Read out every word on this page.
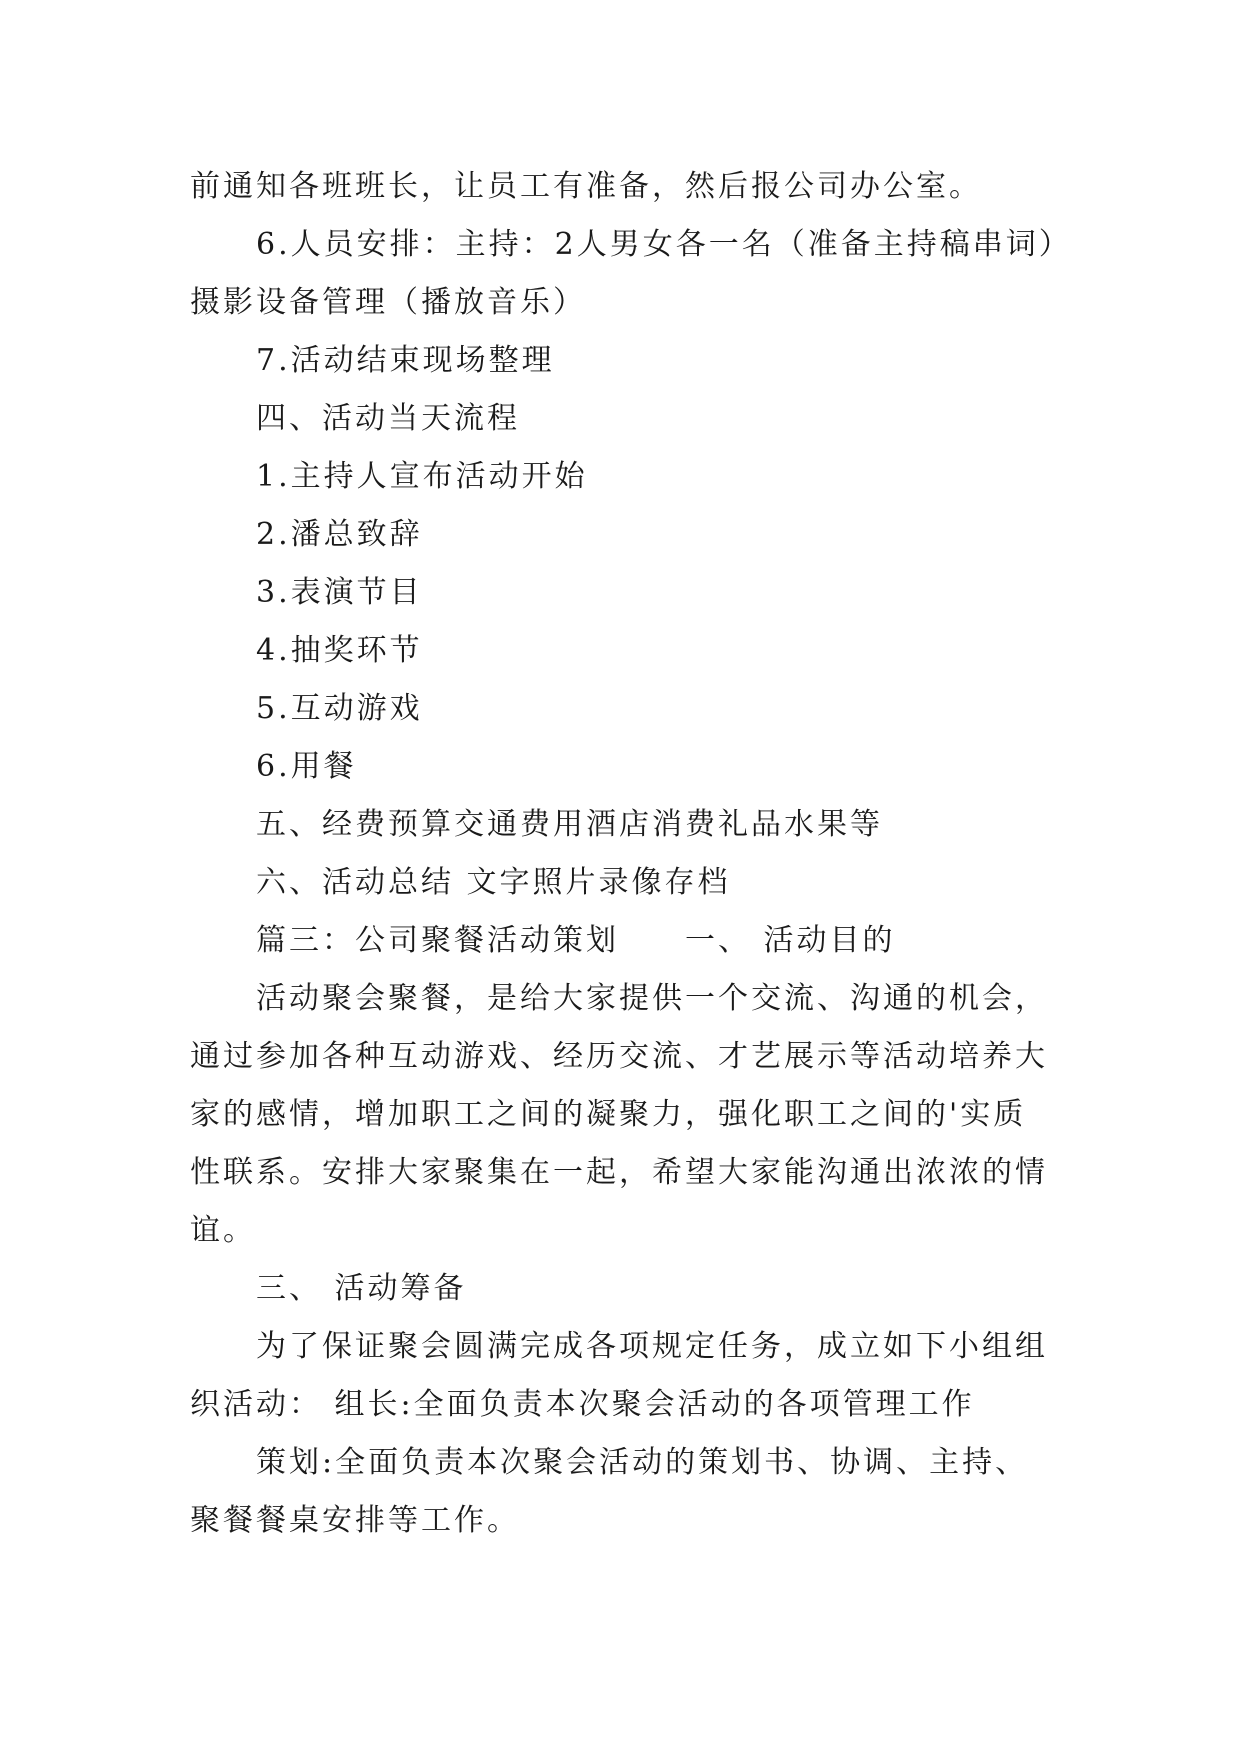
前通知各班班长，让员工有准备，然后报公司办公室。
6.人员安排：主持：2人男女各一名（准备主持稿串词）
摄影设备管理（播放音乐）
7.活动结束现场整理
四、活动当天流程
1.主持人宣布活动开始
2.潘总致辞
3.表演节目
4.抽奖环节
5.互动游戏
6.用餐
五、经费预算交通费用酒店消费礼品水果等
六、活动总结 文字照片录像存档
篇三：公司聚餐活动策划　　一、 活动目的
活动聚会聚餐，是给大家提供一个交流、沟通的机会，
通过参加各种互动游戏、经历交流、才艺展示等活动培养大
家的感情，增加职工之间的凝聚力，强化职工之间的'实质
性联系。安排大家聚集在一起，希望大家能沟通出浓浓的情
谊。
三、 活动筹备
为了保证聚会圆满完成各项规定任务，成立如下小组组
织活动： 组长:全面负责本次聚会活动的各项管理工作
策划:全面负责本次聚会活动的策划书、协调、主持、
聚餐餐桌安排等工作。
